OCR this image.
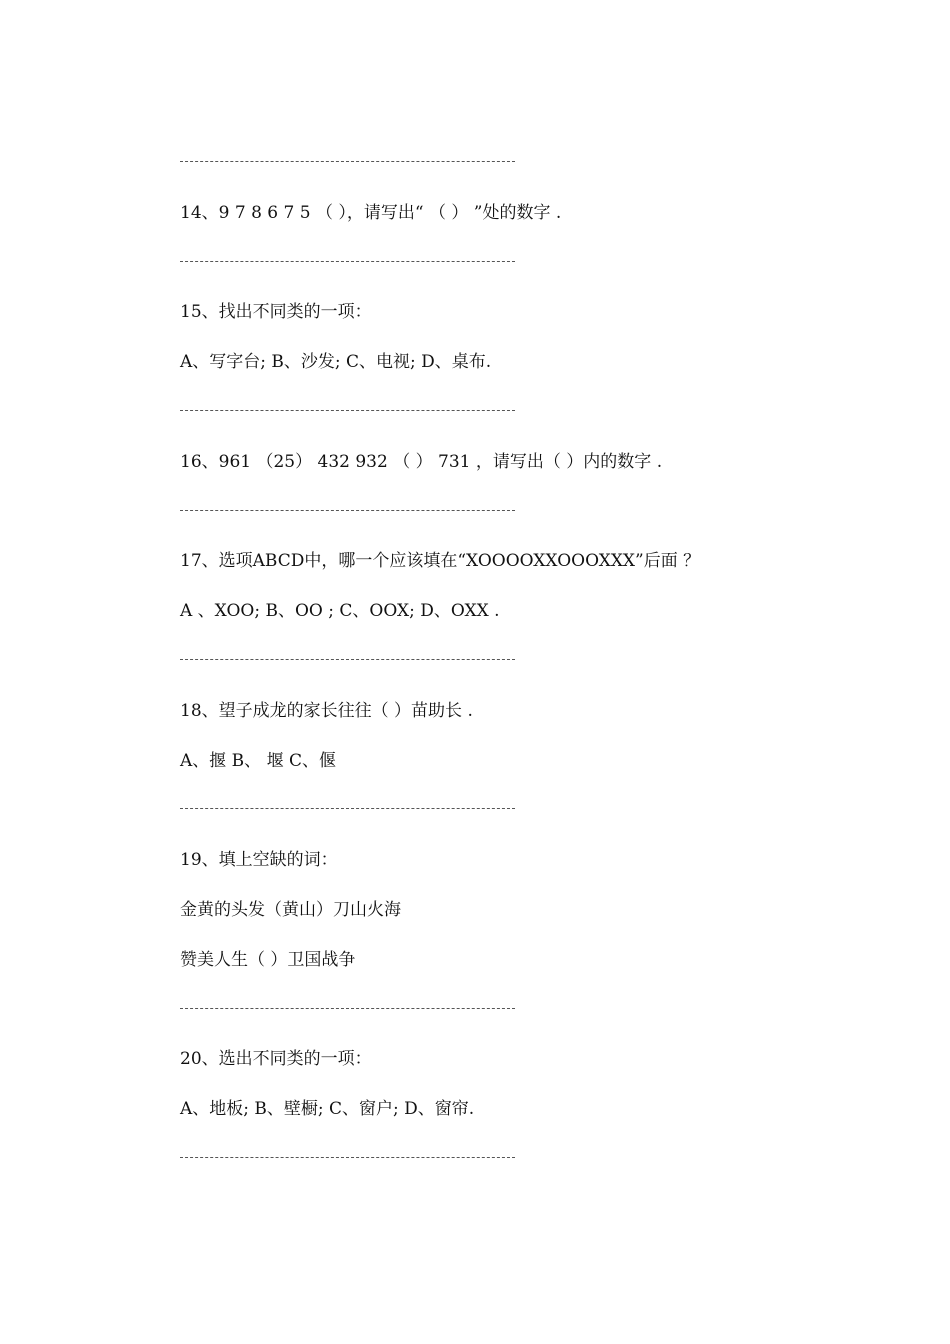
14、9 7 8 6 7 5 （ ），请写出“ （ ） ”处的数字 .
15、找出不同类的一项：
A、写字台; B、沙发; C、电视; D、桌布.
16、961 （25） 432 932 （ ） 731 ，请写出（ ）内的数字 .
17、选项ABCD中，哪一个应该填在“XOOOOXXOOOXXX”后面 ？
A 、XOO; B、OO ; C、OOX; D、OXX .
18、望子成龙的家长往往（ ）苗助长 .
A、揠 B、 堰 C、偃
19、填上空缺的词：
金黄的头发（黄山）刀山火海
赞美人生（ ）卫国战争
20、选出不同类的一项：
A、地板; B、壁橱; C、窗户; D、窗帘.
